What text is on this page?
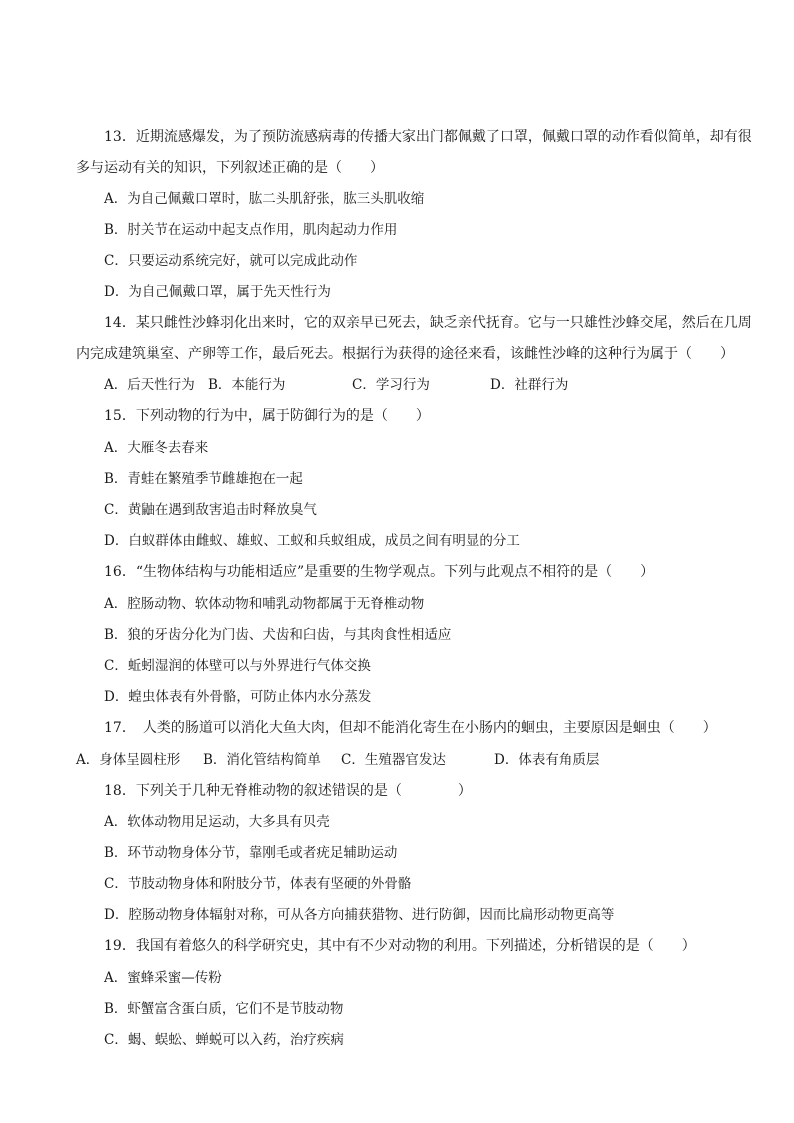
13．近期流感爆发，为了预防流感病毒的传播大家出门都佩戴了口罩，佩戴口罩的动作看似简单，却有很
多与运动有关的知识，下列叙述正确的是（　　）
A．为自己佩戴口罩时，肱二头肌舒张，肱三头肌收缩
B．肘关节在运动中起支点作用，肌肉起动力作用
C．只要运动系统完好，就可以完成此动作
D．为自己佩戴口罩，属于先天性行为
14．某只雌性沙蜂羽化出来时，它的双亲早已死去，缺乏亲代抚育。它与一只雄性沙蜂交尾，然后在几周
内完成建筑巢室、产卵等工作，最后死去。根据行为获得的途径来看，该雌性沙峰的这种行为属于（　　）
A．后天性行为 B．本能行为	C．学习行为	D．社群行为
15．下列动物的行为中，属于防御行为的是（　　）
A．大雁冬去春来
B．青蛙在繁殖季节雌雄抱在一起
C．黄鼬在遇到敌害追击时释放臭气
D．白蚁群体由雌蚁、雄蚁、工蚁和兵蚁组成，成员之间有明显的分工
16．“生物体结构与功能相适应”是重要的生物学观点。下列与此观点不相符的是（　　）
A．腔肠动物、软体动物和哺乳动物都属于无脊椎动物
B．狼的牙齿分化为门齿、犬齿和臼齿，与其肉食性相适应
C．蚯蚓湿润的体壁可以与外界进行气体交换
D．蝗虫体表有外骨骼，可防止体内水分蒸发
17．　人类的肠道可以消化大鱼大肉，但却不能消化寄生在小肠内的蛔虫，主要原因是蛔虫（　　）
A．身体呈圆柱形 B．消化管结构简单 C．生殖器官发达	D．体表有角质层
18．下列关于几种无脊椎动物的叙述错误的是（　　　　）
A．软体动物用足运动，大多具有贝壳
B．环节动物身体分节，靠刚毛或者疣足辅助运动
C．节肢动物身体和附肢分节，体表有坚硬的外骨骼
D．腔肠动物身体辐射对称，可从各方向捕获猎物、进行防御，因而比扁形动物更高等
19．我国有着悠久的科学研究史，其中有不少对动物的利用。下列描述，分析错误的是（　　）
A．蜜蜂采蜜—传粉
B．虾蟹富含蛋白质，它们不是节肢动物
C．蝎、蜈蚣、蝉蜕可以入药，治疗疾病
